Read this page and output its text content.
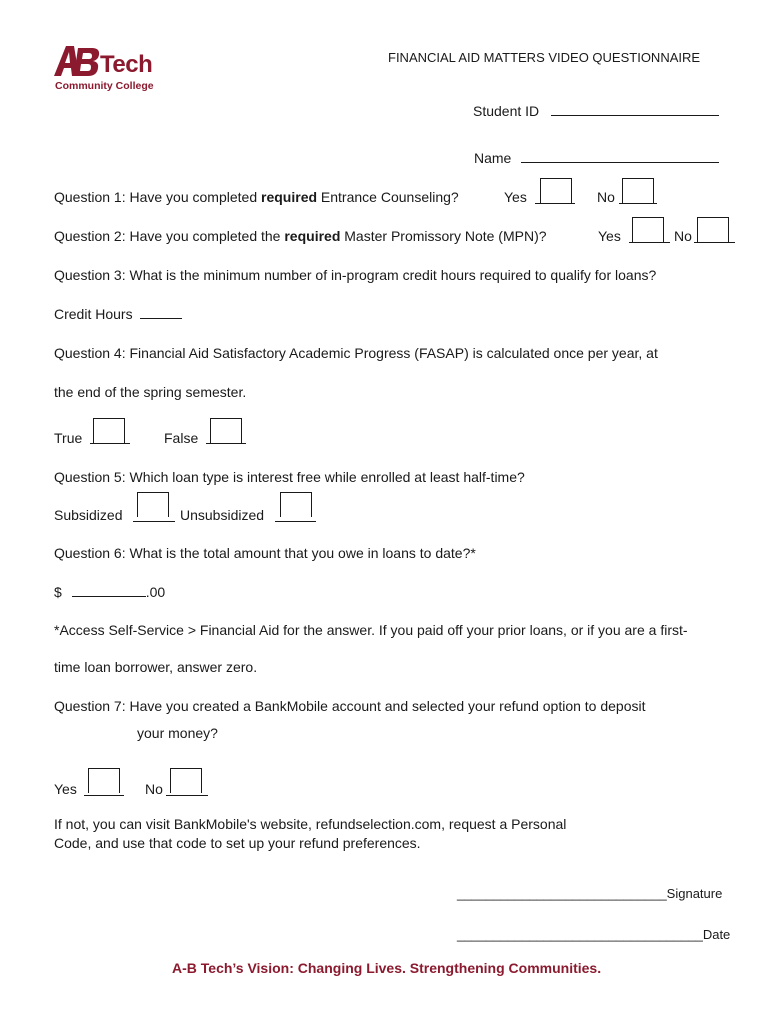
Tech
Community College
FINANCIAL AID MATTERS VIDEO QUESTIONNAIRE
Student ID
Name
Question 1: Have you completed required Entrance Counseling?	Yes	No
Question 2: Have you completed the required Master Promissory Note (MPN)?	Yes	No
Question 3: What is the minimum number of in-program credit hours required to qualify for loans?
Credit Hours
Question 4: Financial Aid Satisfactory Academic Progress (FASAP) is calculated once per year, at
the end of the spring semester.
True	False
Question 5: Which loan type is interest free while enrolled at least half-time?
Subsidized	Unsubsidized
Question 6: What is the total amount that you owe in loans to date?*
$	.00
*Access Self-Service > Financial Aid for the answer. If you paid off your prior loans, or if you are a first-
time loan borrower, answer zero.
Question 7: Have you created a BankMobile account and selected your refund option to deposit
your money?
Yes	No
If not, you can visit BankMobile's website, refundselection.com, request a Personal
Code, and use that code to set up your refund preferences.
_____________________________Signature
__________________________________Date
A-B Tech’s Vision: Changing Lives. Strengthening Communities.
